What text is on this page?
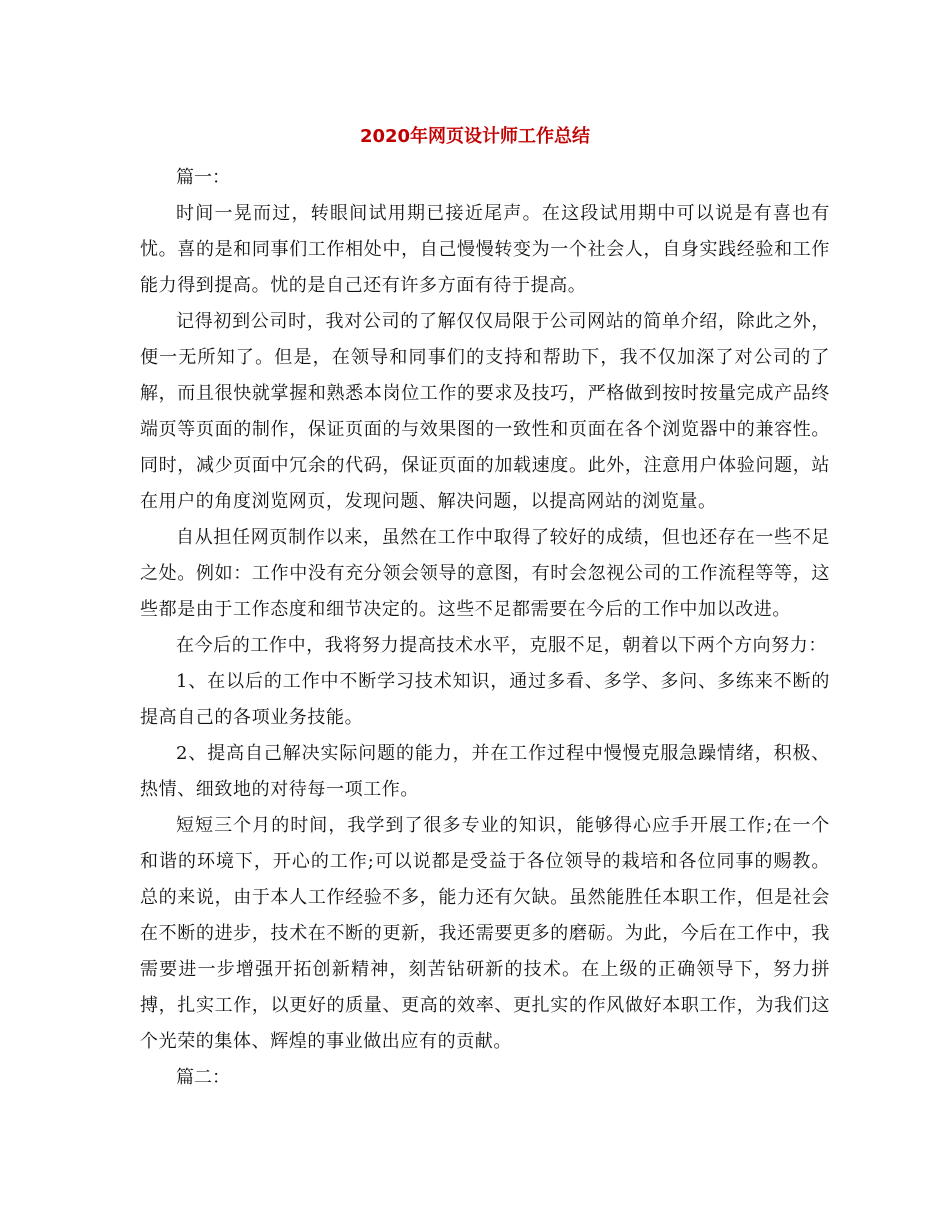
2020年网页设计师工作总结

篇一：

时间一晃而过，转眼间试用期已接近尾声。在这段试用期中可以说是有喜也有忧。喜的是和同事们工作相处中，自己慢慢转变为一个社会人，自身实践经验和工作能力得到提高。忧的是自己还有许多方面有待于提高。

记得初到公司时，我对公司的了解仅仅局限于公司网站的简单介绍，除此之外，便一无所知了。但是，在领导和同事们的支持和帮助下，我不仅加深了对公司的了解，而且很快就掌握和熟悉本岗位工作的要求及技巧，严格做到按时按量完成产品终端页等页面的制作，保证页面的与效果图的一致性和页面在各个浏览器中的兼容性。同时，减少页面中冗余的代码，保证页面的加载速度。此外，注意用户体验问题，站在用户的角度浏览网页，发现问题、解决问题，以提高网站的浏览量。

自从担任网页制作以来，虽然在工作中取得了较好的成绩，但也还存在一些不足之处。例如：工作中没有充分领会领导的意图，有时会忽视公司的工作流程等等，这些都是由于工作态度和细节决定的。这些不足都需要在今后的工作中加以改进。

在今后的工作中，我将努力提高技术水平，克服不足，朝着以下两个方向努力：

1、在以后的工作中不断学习技术知识，通过多看、多学、多问、多练来不断的提高自己的各项业务技能。

2、提高自己解决实际问题的能力，并在工作过程中慢慢克服急躁情绪，积极、热情、细致地的对待每一项工作。

短短三个月的时间，我学到了很多专业的知识，能够得心应手开展工作;在一个和谐的环境下，开心的工作;可以说都是受益于各位领导的栽培和各位同事的赐教。总的来说，由于本人工作经验不多，能力还有欠缺。虽然能胜任本职工作，但是社会在不断的进步，技术在不断的更新，我还需要更多的磨砺。为此，今后在工作中，我需要进一步增强开拓创新精神，刻苦钻研新的技术。在上级的正确领导下，努力拼搏，扎实工作，以更好的质量、更高的效率、更扎实的作风做好本职工作，为我们这个光荣的集体、辉煌的事业做出应有的贡献。

篇二：
